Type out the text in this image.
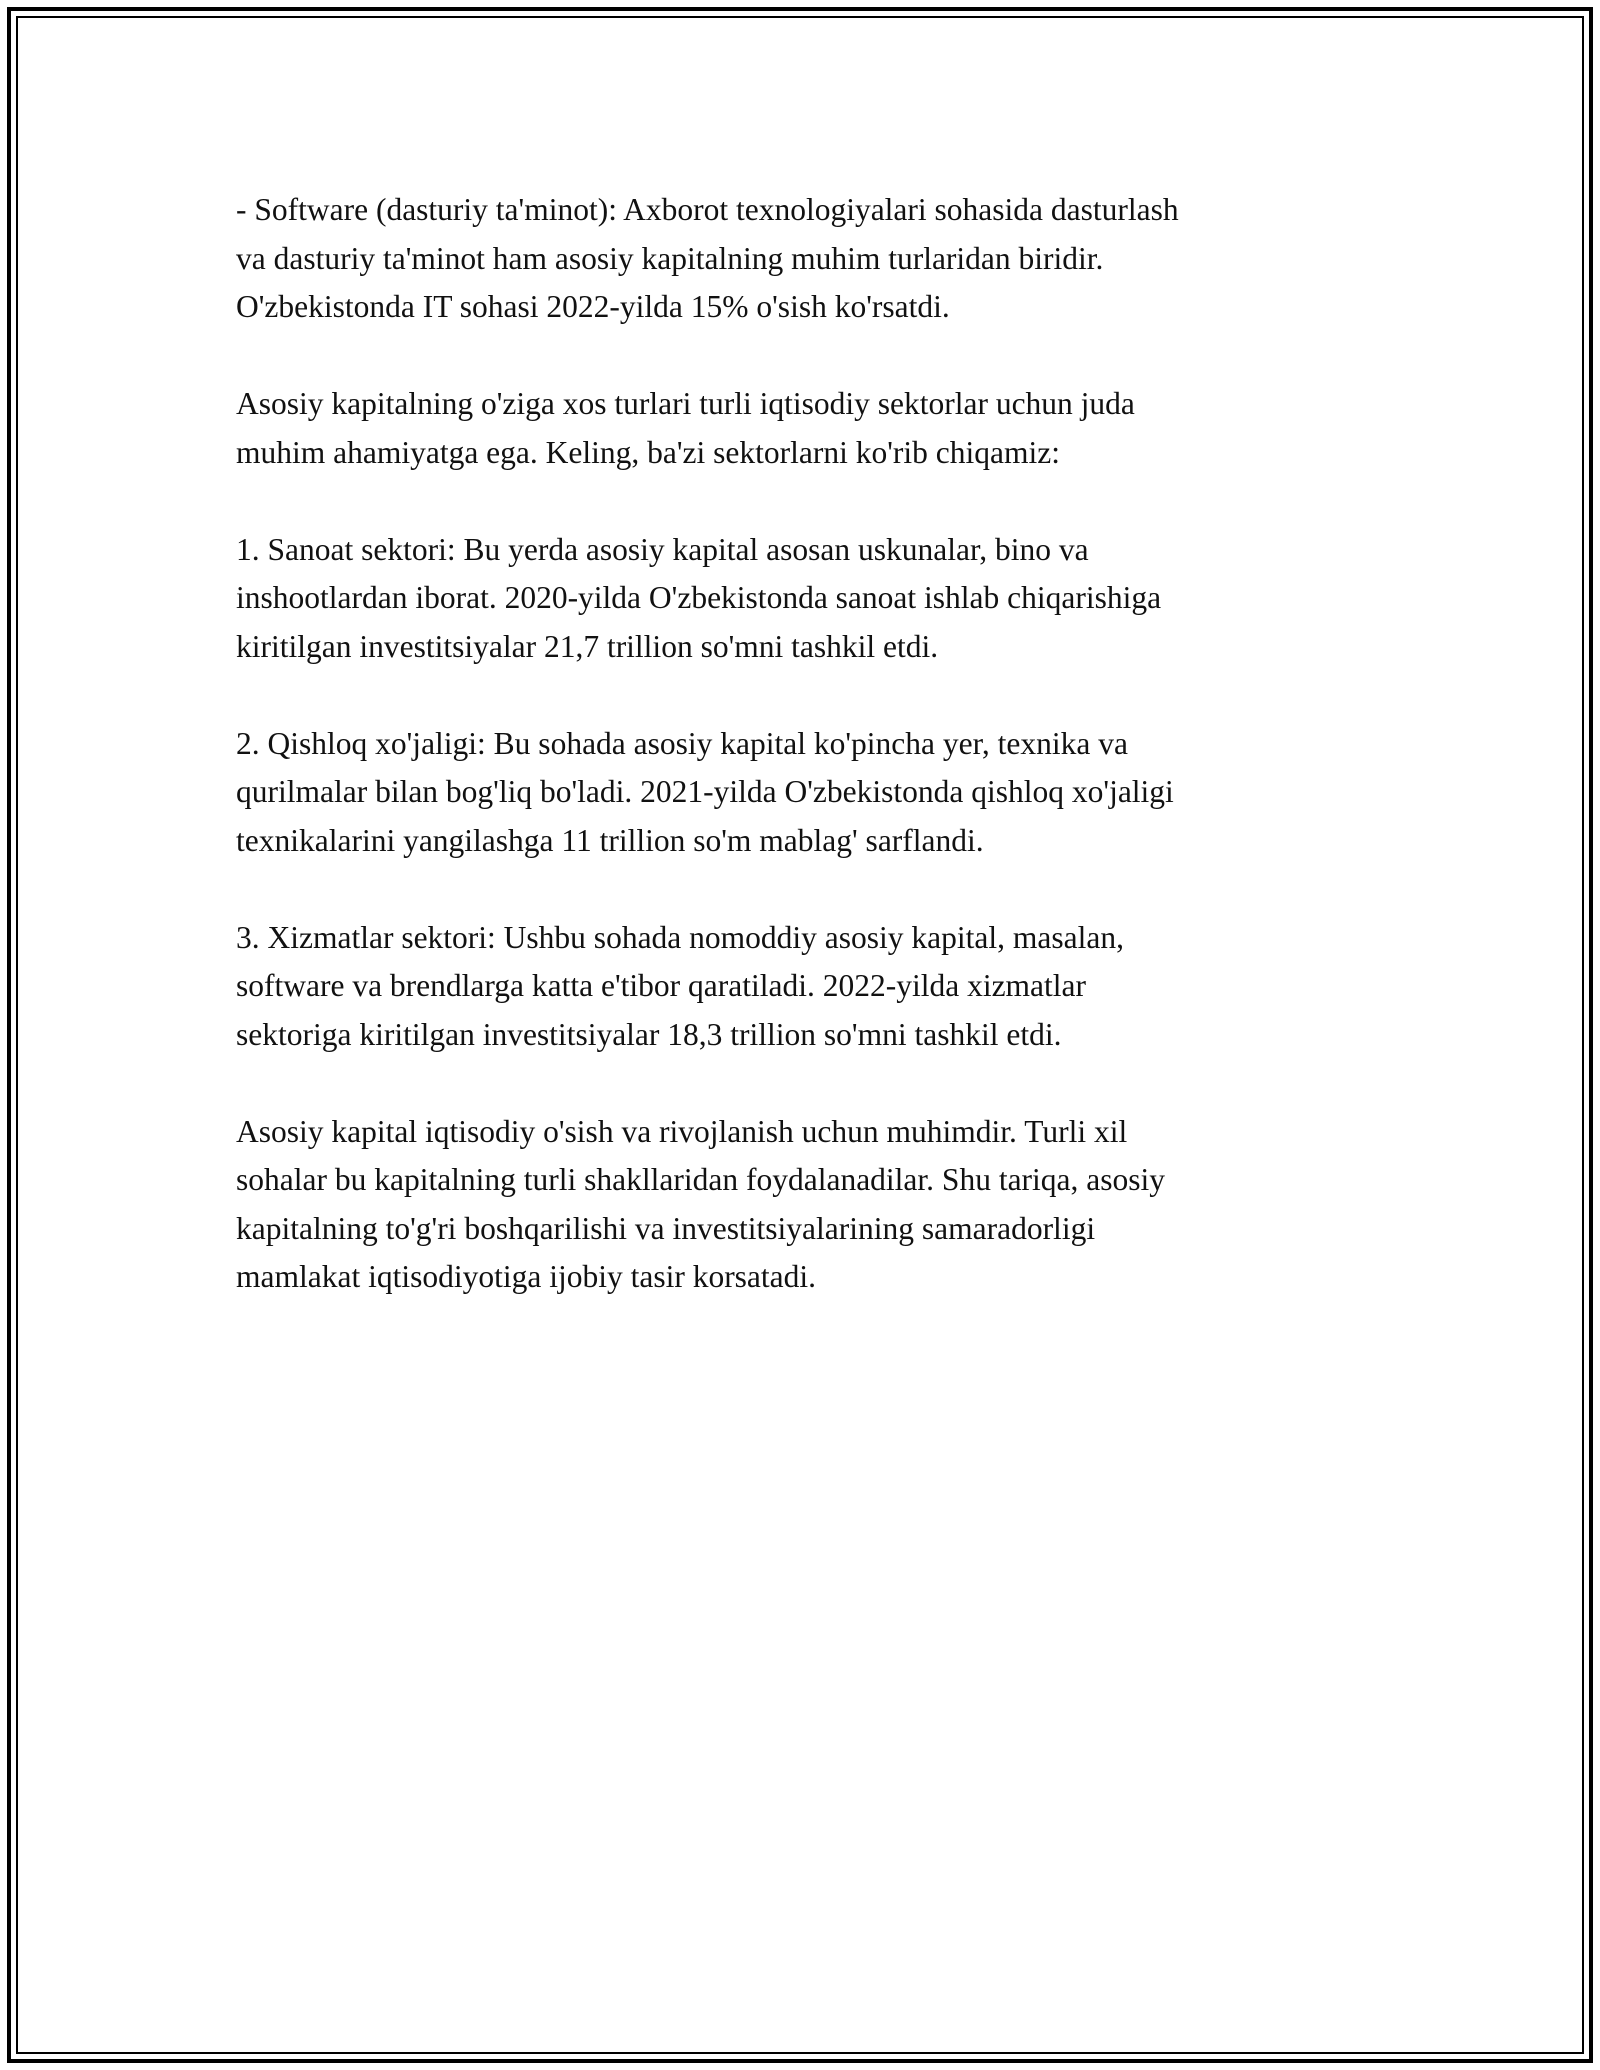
- Software (dasturiy ta'minot): Axborot texnologiyalari sohasida dasturlash
va dasturiy ta'minot ham asosiy kapitalning muhim turlaridan biridir.
O'zbekistonda IT sohasi 2022-yilda 15% o'sish ko'rsatdi.

Asosiy kapitalning o'ziga xos turlari turli iqtisodiy sektorlar uchun juda
muhim ahamiyatga ega. Keling, ba'zi sektorlarni ko'rib chiqamiz:

1. Sanoat sektori: Bu yerda asosiy kapital asosan uskunalar, bino va
inshootlardan iborat. 2020-yilda O'zbekistonda sanoat ishlab chiqarishiga
kiritilgan investitsiyalar 21,7 trillion so'mni tashkil etdi.

2. Qishloq xo'jaligi: Bu sohada asosiy kapital ko'pincha yer, texnika va
qurilmalar bilan bog'liq bo'ladi. 2021-yilda O'zbekistonda qishloq xo'jaligi
texnikalarini yangilashga 11 trillion so'm mablag' sarflandi.

3. Xizmatlar sektori: Ushbu sohada nomoddiy asosiy kapital, masalan,
software va brendlarga katta e'tibor qaratiladi. 2022-yilda xizmatlar
sektoriga kiritilgan investitsiyalar 18,3 trillion so'mni tashkil etdi.

Asosiy kapital iqtisodiy o'sish va rivojlanish uchun muhimdir. Turli xil
sohalar bu kapitalning turli shakllaridan foydalanadilar. Shu tariqa, asosiy
kapitalning to'g'ri boshqarilishi va investitsiyalarining samaradorligi
mamlakat iqtisodiyotiga ijobiy tasir korsatadi.
